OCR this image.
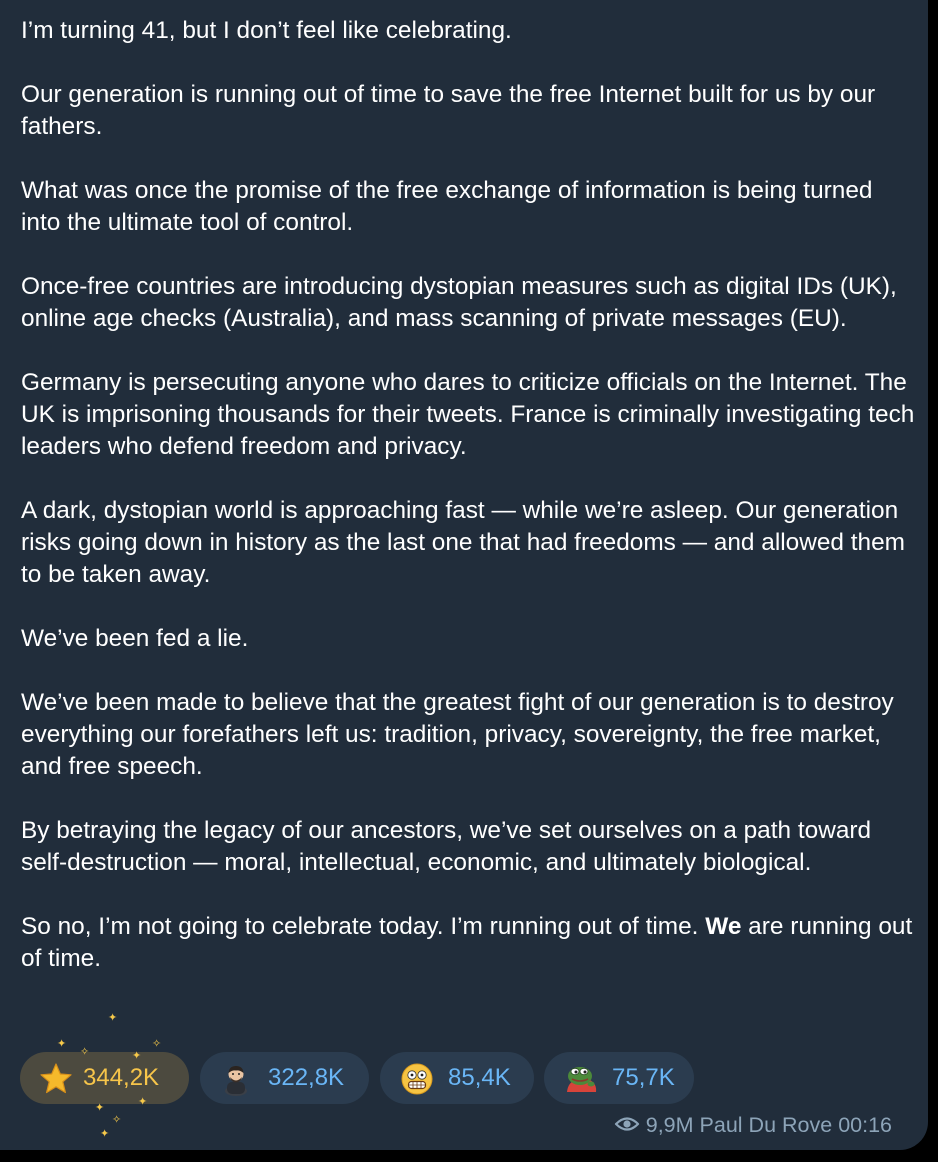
I’m turning 41, but I don’t feel like celebrating.

Our generation is running out of time to save the free Internet built for us by our fathers.

What was once the promise of the free exchange of information is being turned into the ultimate tool of control.

Once-free countries are introducing dystopian measures such as digital IDs (UK), online age checks (Australia), and mass scanning of private messages (EU).

Germany is persecuting anyone who dares to criticize officials on the Internet. The UK is imprisoning thousands for their tweets. France is criminally investigating tech leaders who defend freedom and privacy.

A dark, dystopian world is approaching fast — while we’re asleep. Our generation risks going down in history as the last one that had freedoms — and allowed them to be taken away.

We’ve been fed a lie.

We’ve been made to believe that the greatest fight of our generation is to destroy everything our forefathers left us: tradition, privacy, sovereignty, the free market, and free speech.

By betraying the legacy of our ancestors, we’ve set ourselves on a path toward self-destruction — moral, intellectual, economic, and ultimately biological.

So no, I’m not going to celebrate today. I’m running out of time. We are running out of time.

344,2K
✦
✧
✦
✦
✧
✦
✧
✦
✦
322,8K	85,4K	75,7K
9,9M Paul Du Rove 00:16
